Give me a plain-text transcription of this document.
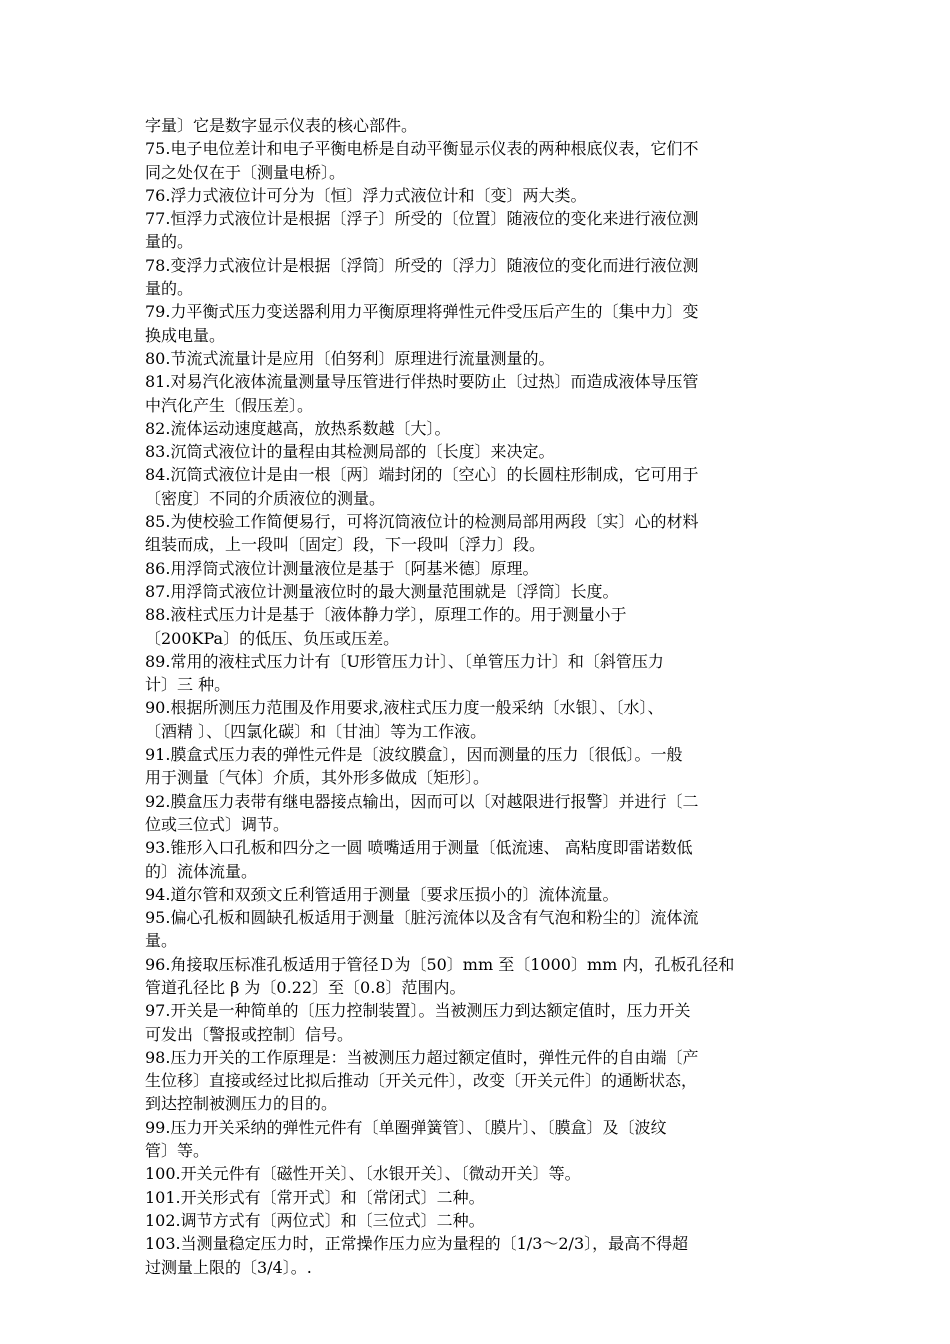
字量〕它是数字显示仪表的核心部件。
75.电子电位差计和电子平衡电桥是自动平衡显示仪表的两种根底仪表，它们不
同之处仅在于〔测量电桥〕。
76.浮力式液位计可分为〔恒〕浮力式液位计和〔变〕两大类。
77.恒浮力式液位计是根据〔浮子〕所受的〔位置〕随液位的变化来进行液位测
量的。
78.变浮力式液位计是根据〔浮筒〕所受的〔浮力〕随液位的变化而进行液位测
量的。
79.力平衡式压力变送器利用力平衡原理将弹性元件受压后产生的〔集中力〕变
换成电量。
80.节流式流量计是应用〔伯努利〕原理进行流量测量的。
81.对易汽化液体流量测量导压管进行伴热时要防止〔过热〕而造成液体导压管
中汽化产生〔假压差〕。
82.流体运动速度越高，放热系数越〔大〕。
83.沉筒式液位计的量程由其检测局部的〔长度〕来决定。
84.沉筒式液位计是由一根〔两〕端封闭的〔空心〕的长圆柱形制成，它可用于
〔密度〕不同的介质液位的测量。
85.为使校验工作简便易行，可将沉筒液位计的检测局部用两段〔实〕心的材料
组装而成，上一段叫〔固定〕段，下一段叫〔浮力〕段。
86.用浮筒式液位计测量液位是基于〔阿基米德〕原理。
87.用浮筒式液位计测量液位时的最大测量范围就是〔浮筒〕长度。
88.液柱式压力计是基于〔液体静力学〕，原理工作的。用于测量小于
〔200KPa〕的低压、负压或压差。
89.常用的液柱式压力计有〔U形管压力计〕、〔单管压力计〕和〔斜管压力
计〕三 种。
90.根据所测压力范围及作用要求,液柱式压力度一般采纳〔水银〕、〔水〕、
〔酒精 〕、〔四氯化碳〕和〔甘油〕等为工作液。
91.膜盒式压力表的弹性元件是〔波纹膜盒〕，因而测量的压力〔很低〕。一般
用于测量〔气体〕介质，其外形多做成〔矩形〕。
92.膜盒压力表带有继电器接点输出，因而可以〔对越限进行报警〕并进行〔二
位或三位式〕调节。
93.锥形入口孔板和四分之一圆 喷嘴适用于测量〔低流速、 高粘度即雷诺数低
的〕流体流量。
94.道尔管和双颈文丘利管适用于测量〔要求压损小的〕流体流量。
95.偏心孔板和圆缺孔板适用于测量〔脏污流体以及含有气泡和粉尘的〕流体流
量。
96.角接取压标准孔板适用于管径Ｄ为〔50〕mm 至〔1000〕mm 内，孔板孔径和
管道孔径比 β 为〔0.22〕至〔0.8〕范围内。
97.开关是一种简单的〔压力控制装置〕。当被测压力到达额定值时，压力开关
可发出〔警报或控制〕信号。
98.压力开关的工作原理是：当被测压力超过额定值时，弹性元件的自由端〔产
生位移〕直接或经过比拟后推动〔开关元件〕，改变〔开关元件〕的通断状态，
到达控制被测压力的目的。
99.压力开关采纳的弹性元件有〔单圈弹簧管〕、〔膜片〕、〔膜盒〕及〔波纹
管〕等。
100.开关元件有〔磁性开关〕、〔水银开关〕、〔微动开关〕等。
101.开关形式有〔常开式〕和〔常闭式〕二种。
102.调节方式有〔两位式〕和〔三位式〕二种。
103.当测量稳定压力时，正常操作压力应为量程的〔1/3～2/3〕，最高不得超
过测量上限的〔3/4〕。.
